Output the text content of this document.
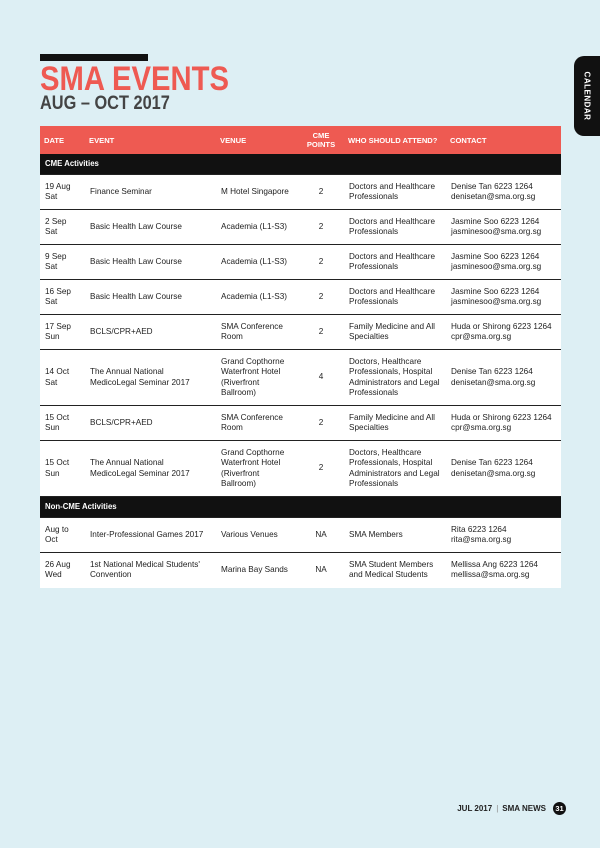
SMA EVENTS
AUG – OCT 2017	CALENDAR
DATE	EVENT	VENUE	CME POINTS	WHO SHOULD ATTEND?	CONTACT
CME Activities					
19 Aug Sat	Finance Seminar	M Hotel Singapore	2	Doctors and Healthcare Professionals	Denise Tan 6223 1264 denisetan@sma.org.sg
2 Sep Sat	Basic Health Law Course	Academia (L1-S3)	2	Doctors and Healthcare Professionals	Jasmine Soo 6223 1264 jasminesoo@sma.org.sg
9 Sep Sat	Basic Health Law Course	Academia (L1-S3)	2	Doctors and Healthcare Professionals	Jasmine Soo 6223 1264 jasminesoo@sma.org.sg
16 Sep Sat	Basic Health Law Course	Academia (L1-S3)	2	Doctors and Healthcare Professionals	Jasmine Soo 6223 1264 jasminesoo@sma.org.sg
17 Sep Sun	BCLS/CPR+AED	SMA Conference Room	2	Family Medicine and All Specialties	Huda or Shirong 6223 1264 cpr@sma.org.sg
14 Oct Sat	The Annual National MedicoLegal Seminar 2017	Grand Copthorne Waterfront Hotel (Riverfront Ballroom)	4	Doctors, Healthcare Professionals, Hospital Administrators and Legal Professionals	Denise Tan 6223 1264 denisetan@sma.org.sg
15 Oct Sun	BCLS/CPR+AED	SMA Conference Room	2	Family Medicine and All Specialties	Huda or Shirong 6223 1264 cpr@sma.org.sg
15 Oct Sun	The Annual National MedicoLegal Seminar 2017	Grand Copthorne Waterfront Hotel (Riverfront Ballroom)	2	Doctors, Healthcare Professionals, Hospital Administrators and Legal Professionals	Denise Tan 6223 1264 denisetan@sma.org.sg
Non-CME Activities					
Aug to Oct	Inter-Professional Games 2017	Various Venues	NA	SMA Members	Rita 6223 1264 rita@sma.org.sg
26 Aug Wed	1st National Medical Students' Convention	Marina Bay Sands	NA	SMA Student Members and Medical Students	Mellissa Ang 6223 1264 mellissa@sma.org.sg
JUL 2017 | SMA NEWS	31
